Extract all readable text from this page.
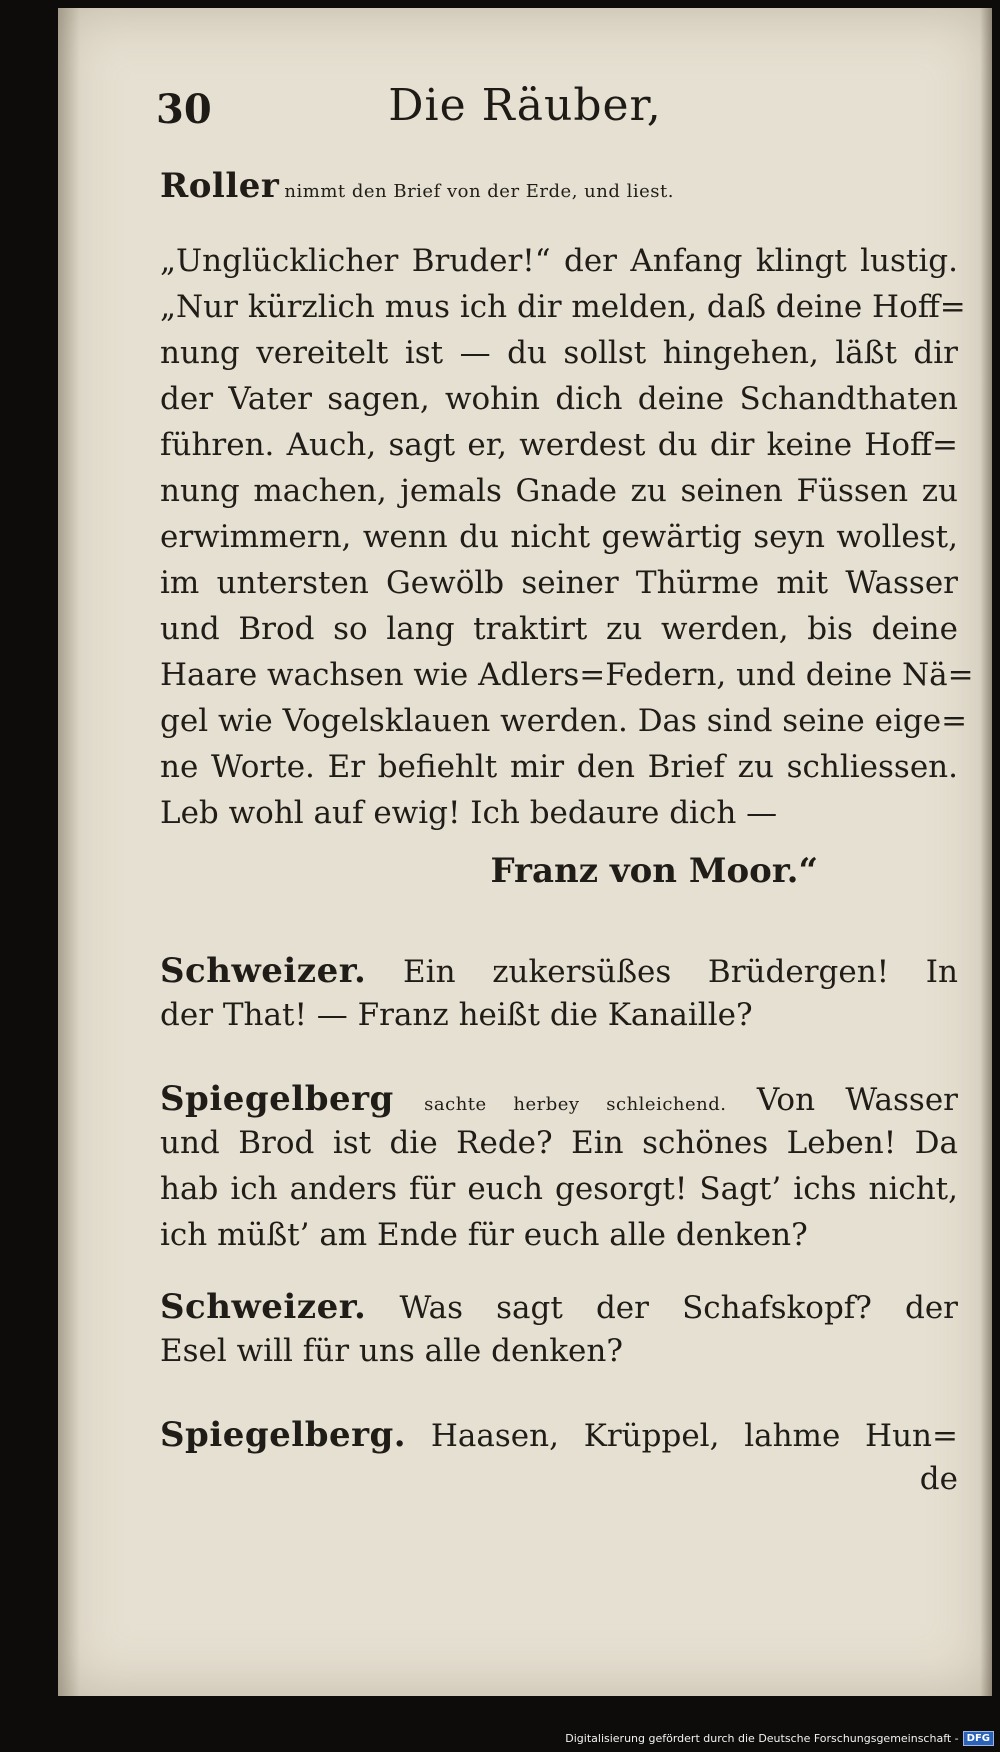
30	Die Räuber,
Roller nimmt den Brief von der Erde, und liest.
„Unglücklicher Bruder!“ der Anfang klingt lustig.
„Nur kürzlich mus ich dir melden, daß deine Hoff=
nung vereitelt ist — du sollst hingehen, läßt dir
der Vater sagen, wohin dich deine Schandthaten
führen. Auch, sagt er, werdest du dir keine Hoff=
nung machen, jemals Gnade zu seinen Füssen zu
erwimmern, wenn du nicht gewärtig seyn wollest,
im untersten Gewölb seiner Thürme mit Wasser
und Brod so lang traktirt zu werden, bis deine
Haare wachsen wie Adlers=Federn, und deine Nä=
gel wie Vogelsklauen werden. Das sind seine eige=
ne Worte. Er befiehlt mir den Brief zu schliessen.
Leb wohl auf ewig! Ich bedaure dich —
Franz von Moor.“
Schweizer. Ein zukersüßes Brüdergen! In
der That! — Franz heißt die Kanaille?
Spiegelberg sachte herbey schleichend. Von Wasser
und Brod ist die Rede? Ein schönes Leben! Da
hab ich anders für euch gesorgt! Sagt’ ichs nicht,
ich müßt’ am Ende für euch alle denken?
Schweizer. Was sagt der Schafskopf? der
Esel will für uns alle denken?
Spiegelberg. Haasen, Krüppel, lahme Hun=
de
Digitalisierung gefördert durch die Deutsche Forschungsgemeinschaft - DFG
